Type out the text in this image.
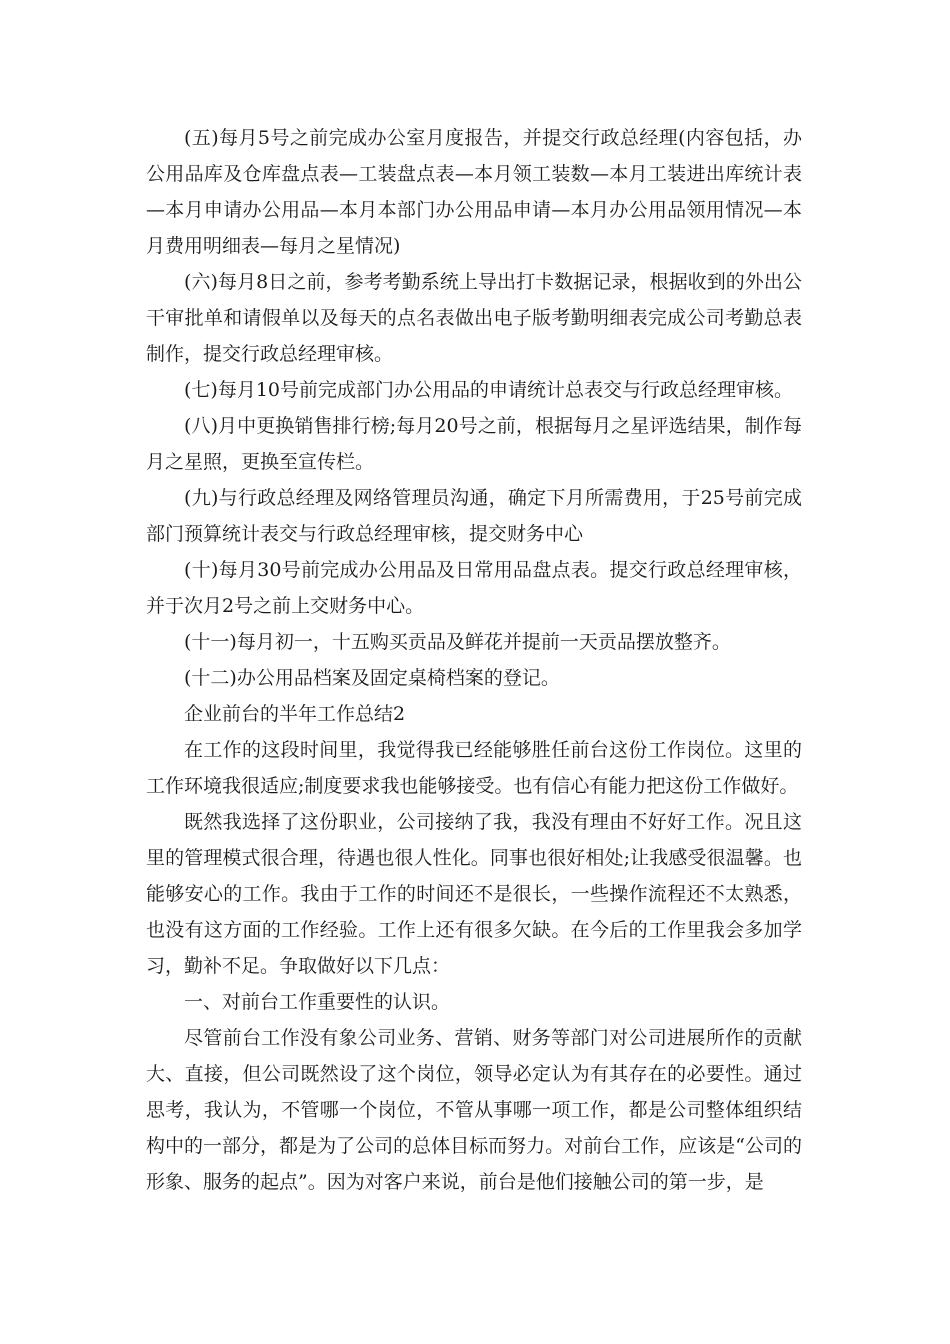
(五)每月5号之前完成办公室月度报告，并提交行政总经理(内容包括，办公用品库及仓库盘点表—工装盘点表—本月领工装数—本月工装进出库统计表—本月申请办公用品—本月本部门办公用品申请—本月办公用品领用情况—本月费用明细表—每月之星情况)

(六)每月8日之前，参考考勤系统上导出打卡数据记录，根据收到的外出公干审批单和请假单以及每天的点名表做出电子版考勤明细表完成公司考勤总表制作，提交行政总经理审核。

(七)每月10号前完成部门办公用品的申请统计总表交与行政总经理审核。

(八)月中更换销售排行榜;每月20号之前，根据每月之星评选结果，制作每月之星照，更换至宣传栏。

(九)与行政总经理及网络管理员沟通，确定下月所需费用，于25号前完成部门预算统计表交与行政总经理审核，提交财务中心

(十)每月30号前完成办公用品及日常用品盘点表。提交行政总经理审核，并于次月2号之前上交财务中心。

(十一)每月初一，十五购买贡品及鲜花并提前一天贡品摆放整齐。

(十二)办公用品档案及固定桌椅档案的登记。

企业前台的半年工作总结2

在工作的这段时间里，我觉得我已经能够胜任前台这份工作岗位。这里的工作环境我很适应;制度要求我也能够接受。也有信心有能力把这份工作做好。

既然我选择了这份职业，公司接纳了我，我没有理由不好好工作。况且这里的管理模式很合理，待遇也很人性化。同事也很好相处;让我感受很温馨。也能够安心的工作。我由于工作的时间还不是很长，一些操作流程还不太熟悉，也没有这方面的工作经验。工作上还有很多欠缺。在今后的工作里我会多加学习，勤补不足。争取做好以下几点：

一、对前台工作重要性的认识。

尽管前台工作没有象公司业务、营销、财务等部门对公司进展所作的贡献大、直接，但公司既然设了这个岗位，领导必定认为有其存在的必要性。通过思考，我认为，不管哪一个岗位，不管从事哪一项工作，都是公司整体组织结构中的一部分，都是为了公司的总体目标而努力。对前台工作，应该是“公司的形象、服务的起点”。因为对客户来说，前台是他们接触公司的第一步，是
